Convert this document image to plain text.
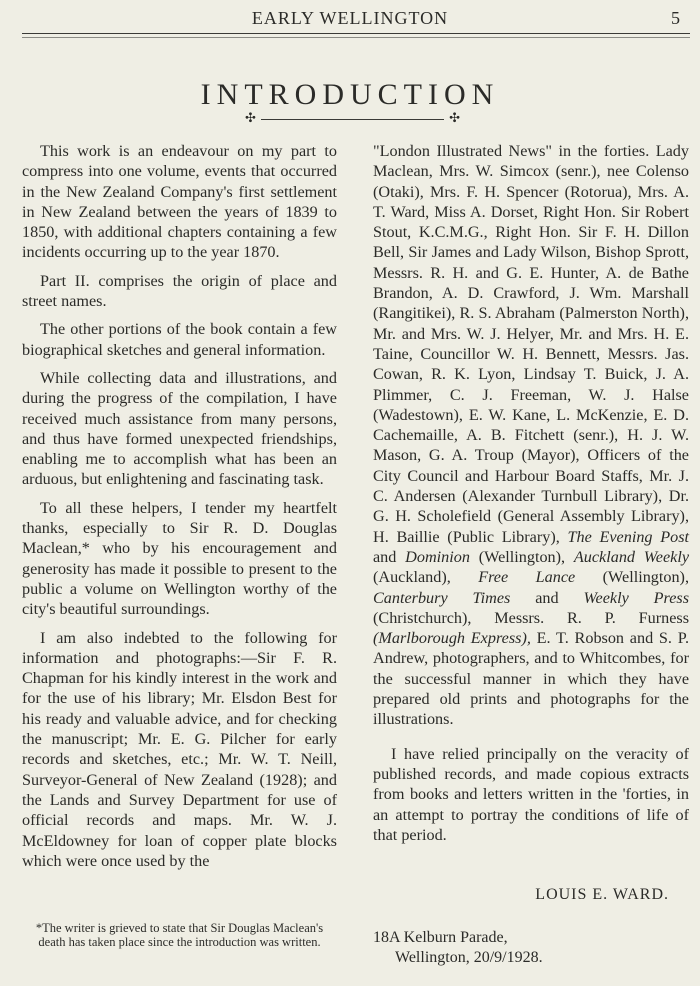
EARLY WELLINGTON	5
INTRODUCTION
✣	✣

This work is an endeavour on my part to compress into one volume, events that occurred in the New Zealand Company's first settlement in New Zealand between the years of 1839 to 1850, with additional chapters containing a few incidents occurring up to the year 1870.

Part II. comprises the origin of place and street names.

The other portions of the book contain a few biographical sketches and general information.

While collecting data and illustrations, and during the progress of the compilation, I have received much assistance from many persons, and thus have formed unexpected friendships, enabling me to accomplish what has been an arduous, but enlightening and fascinating task.

To all these helpers, I tender my heartfelt thanks, especially to Sir R. D. Douglas Maclean,* who by his encouragement and generosity has made it possible to present to the public a volume on Wellington worthy of the city's beautiful surroundings.

I am also indebted to the following for information and photographs:—Sir F. R. Chapman for his kindly interest in the work and for the use of his library; Mr. Elsdon Best for his ready and valuable advice, and for checking the manuscript; Mr. E. G. Pilcher for early records and sketches, etc.; Mr. W. T. Neill, Surveyor-General of New Zealand (1928); and the Lands and Survey Department for use of official records and maps. Mr. W. J. McEldowney for loan of copper plate blocks which were once used by the

"London Illustrated News" in the forties. Lady Maclean, Mrs. W. Simcox (senr.), nee Colenso (Otaki), Mrs. F. H. Spencer (Rotorua), Mrs. A. T. Ward, Miss A. Dorset, Right Hon. Sir Robert Stout, K.C.M.G., Right Hon. Sir F. H. Dillon Bell, Sir James and Lady Wilson, Bishop Sprott, Messrs. R. H. and G. E. Hunter, A. de Bathe Brandon, A. D. Crawford, J. Wm. Marshall (Rangitikei), R. S. Abraham (Palmerston North), Mr. and Mrs. W. J. Helyer, Mr. and Mrs. H. E. Taine, Councillor W. H. Bennett, Messrs. Jas. Cowan, R. K. Lyon, Lindsay T. Buick, J. A. Plimmer, C. J. Freeman, W. J. Halse (Wadestown), E. W. Kane, L. McKenzie, E. D. Cachemaille, A. B. Fitchett (senr.), H. J. W. Mason, G. A. Troup (Mayor), Officers of the City Council and Harbour Board Staffs, Mr. J. C. Andersen (Alexander Turnbull Library), Dr. G. H. Scholefield (General Assembly Library), H. Baillie (Public Library), The Evening Post and Dominion (Wellington), Auckland Weekly (Auckland), Free Lance (Wellington), Canterbury Times and Weekly Press (Christchurch), Messrs. R. P. Furness (Marlborough Express), E. T. Robson and S. P. Andrew, photographers, and to Whitcombes, for the successful manner in which they have prepared old prints and photographs for the illustrations.

I have relied principally on the veracity of published records, and made copious extracts from books and letters written in the 'forties, in an attempt to portray the conditions of life of that period.

LOUIS E. WARD.
*The writer is grieved to state that Sir Douglas Maclean's death has taken place since the introduction was written.	18A Kelburn Parade,
Wellington, 20/9/1928.
